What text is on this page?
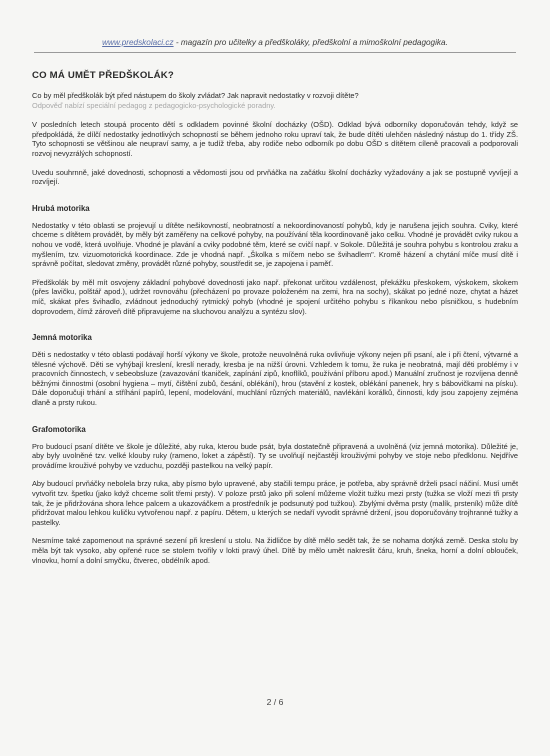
www.predskolaci.cz - magazín pro učitelky a předškoláky, předškolní a mimoškolní pedagogika.
CO MÁ UMĚT PŘEDŠKOLÁK?
Co by měl předškolák být před nástupem do školy zvládat? Jak napravit nedostatky v rozvoji dítěte?
Odpověď nabízí speciální pedagog z pedagogicko-psychologické poradny.

V posledních letech stoupá procento dětí s odkladem povinné školní docházky (OŠD). Odklad bývá odborníky doporučován tehdy, když se předpokládá, že dílčí nedostatky jednotlivých schopností se během jednoho roku upraví tak, že bude dítěti ulehčen následný nástup do 1. třídy ZŠ. Tyto schopnosti se většinou ale neupraví samy, a je tudíž třeba, aby rodiče nebo odborník po dobu OŠD s dítětem cíleně pracovali a podporovali rozvoj nevyzrálých schopností.

Uvedu souhrnně, jaké dovednosti, schopnosti a vědomosti jsou od prvňáčka na začátku školní docházky vyžadovány a jak se postupně vyvíjejí a rozvíjejí.

Hrubá motorika

Nedostatky v této oblasti se projevují u dítěte nešikovností, neobratností a nekoordinovaností pohybů, kdy je narušena jejich souhra. Cviky, které chceme s dítětem provádět, by měly být zaměřeny na celkové pohyby, na používání těla koordinovaně jako celku. Vhodné je provádět cviky rukou a nohou ve vodě, která uvolňuje. Vhodné je plavání a cviky podobné těm, které se cvičí např. v Sokole. Důležitá je souhra pohybu s kontrolou zraku a myšlením, tzv. vizuomotorická koordinace. Zde je vhodná např. „Školka s míčem nebo se švihadlem". Kromě házení a chytání míče musí dítě i správně počítat, sledovat změny, provádět různé pohyby, soustředit se, je zapojena i paměť.

Předškolák by měl mít osvojeny základní pohybové dovednosti jako např. překonat určitou vzdálenost, překážku přeskokem, výskokem, skokem (přes lavičku, polštář apod.), udržet rovnováhu (přecházení po provaze položeném na zemi, hra na sochy), skákat po jedné noze, chytat a házet míč, skákat přes švihadlo, zvládnout jednoduchý rytmický pohyb (vhodné je spojení určitého pohybu s říkankou nebo písničkou, s hudebním doprovodem, čímž zároveň dítě připravujeme na sluchovou analýzu a syntézu slov).

Jemná motorika

Děti s nedostatky v této oblasti podávají horší výkony ve škole, protože neuvolněná ruka ovlivňuje výkony nejen při psaní, ale i při čtení, výtvarné a tělesné výchově. Děti se vyhýbají kreslení, kreslí nerady, kresba je na nižší úrovni. Vzhledem k tomu, že ruka je neobratná, mají děti problémy i v pracovních činnostech, v sebeobsluze (zavazování tkaniček, zapínání zipů, knoflíků, používání příboru apod.) Manuální zručnost je rozvíjena denně běžnými činnostmi (osobní hygiena – mytí, čištění zubů, česání, oblékání), hrou (stavění z kostek, oblékání panenek, hry s bábovičkami na písku). Dále doporučuji trhání a stříhání papírů, lepení, modelování, muchlání různých materiálů, navlékání korálků, činnosti, kdy jsou zapojeny zejména dlaně a prsty rukou.

Grafomotorika

Pro budoucí psaní dítěte ve škole je důležité, aby ruka, kterou bude psát, byla dostatečně připravená a uvolněná (viz jemná motorika). Důležité je, aby byly uvolněné tzv. velké klouby ruky (rameno, loket a zápěstí). Ty se uvolňují nejčastěji krouživými pohyby ve stoje nebo předklonu. Nejdříve provádíme krouživé pohyby ve vzduchu, později pastelkou na velký papír.

Aby budoucí prvňáčky nebolela brzy ruka, aby písmo bylo upravené, aby stačili tempu práce, je potřeba, aby správně drželi psací náčiní. Musí umět vytvořit tzv. špetku (jako když chceme solit třemi prsty). V poloze prstů jako při solení můžeme vložit tužku mezi prsty (tužka se vloží mezi tři prsty tak, že je přidržována shora lehce palcem a ukazováčkem a prostředník je podsunutý pod tužkou). Zbylými dvěma prsty (malík, prsteník) může dítě přidržovat malou lehkou kuličku vytvořenou např. z papíru. Dětem, u kterých se nedaří vyvodit správné držení, jsou doporučovány trojhranné tužky a pastelky.

Nesmíme také zapomenout na správné sezení při kreslení u stolu. Na židličce by dítě mělo sedět tak, že se nohama dotýká země. Deska stolu by měla být tak vysoko, aby opřené ruce se stolem tvořily v lokti pravý úhel. Dítě by mělo umět nakreslit čáru, kruh, šneka, horní a dolní oblouček, vlnovku, horní a dolní smyčku, čtverec, obdélník apod.

2 / 6
